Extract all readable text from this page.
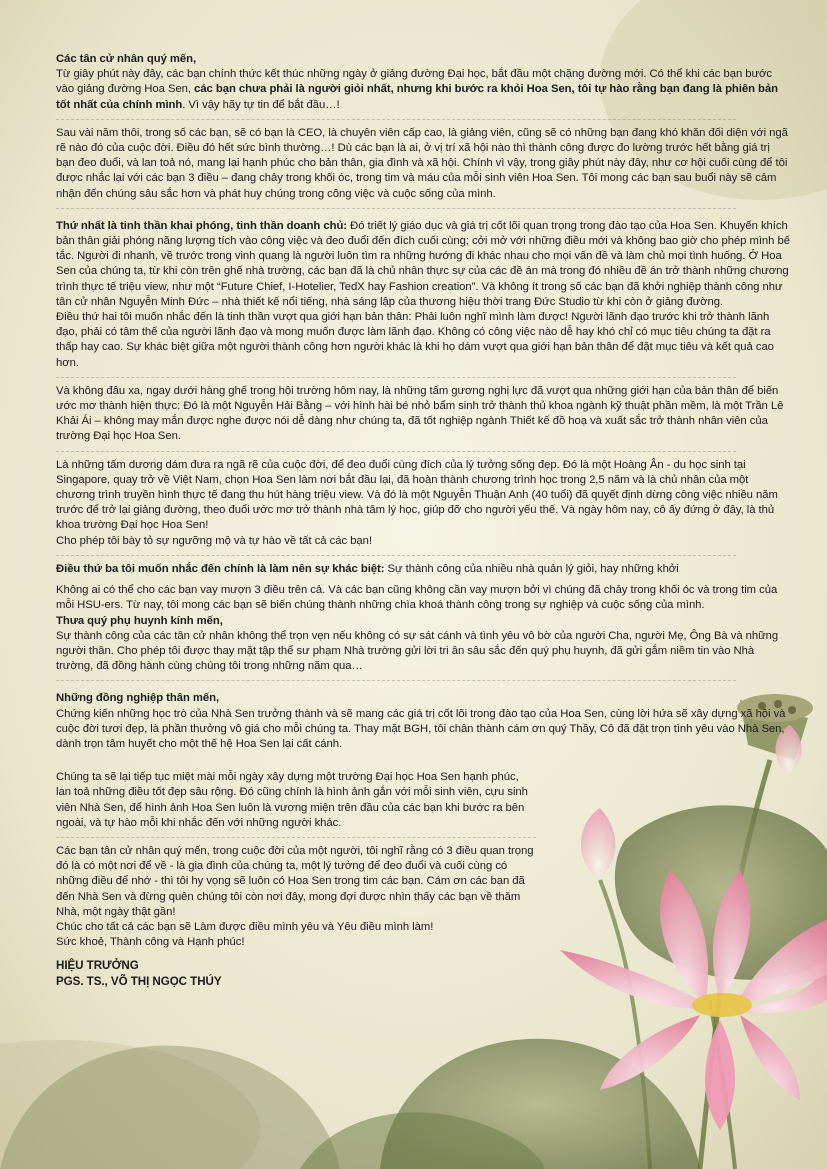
Các tân cử nhân quý mến,
Từ giây phút này đây, các bạn chính thức kết thúc những ngày ở giảng đường Đại học, bắt đầu một chặng đường mới. Có thể khi các bạn bước vào giảng đường Hoa Sen, các bạn chưa phải là người giỏi nhất, nhưng khi bước ra khỏi Hoa Sen, tôi tự hào rằng bạn đang là phiên bản tốt nhất của chính mình. Vì vậy hãy tự tin để bắt đầu…!

Sau vài năm thôi, trong số các bạn, sẽ có bạn là CEO, là chuyên viên cấp cao, là giảng viên, cũng sẽ có những bạn đang khó khăn đối diện với ngã rẽ nào đó của cuộc đời. Điều đó hết sức bình thường…! Dù các bạn là ai, ở vị trí xã hội nào thì thành công được đo lường trước hết bằng giá trị bạn đeo đuổi, và lan toả nó, mang lại hạnh phúc cho bản thân, gia đình và xã hội. Chính vì vậy, trong giây phút này đây, như cơ hội cuối cùng để tôi được nhắc lại với các bạn 3 điều – đang chảy trong khối óc, trong tim và máu của mỗi sinh viên Hoa Sen. Tôi mong các bạn sau buổi này sẽ cảm nhận đến chúng sâu sắc hơn và phát huy chúng trong công việc và cuộc sống của mình.

Thứ nhất là tinh thần khai phóng, tinh thần doanh chủ: Đó triết lý giáo dục và giá trị cốt lõi quan trọng trong đào tạo của Hoa Sen. Khuyến khích bản thân giải phóng năng lượng tích vào công việc và đeo đuổi đến đích cuối cùng; cởi mở với những điều mới và không bao giờ cho phép mình bế tắc. Người đi nhanh, về trước trong vinh quang là người luôn tìm ra những hướng đi khác nhau cho mọi vấn đề và làm chủ mọi tình huống. Ở Hoa Sen của chúng ta, từ khi còn trên ghế nhà trường, các bạn đã là chủ nhân thực sự của các đề án mà trong đó nhiều đề án trở thành những chương trình thực tế triệu view, như một “Future Chief, I-Hotelier, TedX hay Fashion creation”. Và không ít trong số các bạn đã khởi nghiệp thành công như tân cử nhân Nguyễn Minh Đức – nhà thiết kế nổi tiếng, nhà sáng lập của thương hiệu thời trang Đức Studio từ khi còn ở giảng đường.
Điều thứ hai tôi muốn nhắc đến là tinh thần vượt qua giới hạn bản thân: Phải luôn nghĩ mình làm được! Người lãnh đạo trước khi trở thành lãnh đạo, phải có tâm thế của người lãnh đạo và mong muốn được làm lãnh đạo. Không có công việc nào dễ hay khó chỉ có mục tiêu chúng ta đặt ra thấp hay cao. Sự khác biệt giữa một người thành công hơn người khác là khi họ dám vượt qua giới hạn bản thân để đặt mục tiêu và kết quả cao hơn.

Và không đâu xa, ngay dưới hàng ghế trong hội trường hôm nay, là những tấm gương nghị lực đã vượt qua những giới hạn của bản thân để biến ước mơ thành hiện thực: Đó là một Nguyễn Hải Bằng – với hình hài bé nhỏ bẩm sinh trở thành thủ khoa ngành kỹ thuật phần mềm, là một Trần Lê Khải Ái – không may mắn được nghe được nói dễ dàng như chúng ta, đã tốt nghiệp ngành Thiết kế đồ hoạ và xuất sắc trở thành nhân viên của trường Đại học Hoa Sen.

Là những tấm dương dám đưa ra ngã rẽ của cuộc đời, để đeo đuổi cùng đích của lý tưởng sống đẹp. Đó là một Hoàng Ân - du học sinh tại Singapore, quay trở về Việt Nam, chọn Hoa Sen làm nơi bắt đầu lại, đã hoàn thành chương trình học trong 2,5 năm và là chủ nhân của một chương trình truyền hình thực tế đang thu hút hàng triệu view. Và đó là một Nguyễn Thuận Anh (40 tuổi) đã quyết định dừng công việc nhiều năm trước để trở lại giảng đường, theo đuổi ước mơ trở thành nhà tâm lý học, giúp đỡ cho người yếu thế. Và ngày hôm nay, cô ấy đứng ở đây, là thủ khoa trường Đại học Hoa Sen!
Cho phép tôi bày tỏ sự ngưỡng mộ và tự hào về tất cả các bạn!

Điều thứ ba tôi muốn nhắc đến chính là làm nên sự khác biệt: Sự thành công của nhiều nhà quản lý giỏi, hay những khởi

Không ai có thể cho các bạn vay mượn 3 điều trên cả. Và các bạn cũng không cần vay mượn bởi vì chúng đã chảy trong khối óc và trong tim của mỗi HSU-ers. Từ nay, tôi mong các bạn sẽ biến chúng thành những chìa khoá thành công trong sự nghiệp và cuộc sống của mình.
Thưa quý phụ huynh kính mến,
Sự thành công của các tân cử nhân không thể trọn vẹn nếu không có sự sát cánh và tình yêu vô bờ của người Cha, người Mẹ, Ông Bà và những người thân. Cho phép tôi được thay mặt tập thể sư phạm Nhà trường gửi lời tri ân sâu sắc đến quý phụ huynh, đã gửi gắm niềm tin vào Nhà trường, đã đồng hành cùng chúng tôi trong những năm qua…

Những đồng nghiệp thân mến,
Chứng kiến những học trò của Nhà Sen trưởng thành và sẽ mang các giá trị cốt lõi trong đào tạo của Hoa Sen, cùng lời hứa sẽ xây dựng xã hội và cuộc đời tươi đẹp, là phần thưởng vô giá cho mỗi chúng ta. Thay mặt BGH, tôi chân thành cám ơn quý Thầy, Cô đã đặt trọn tình yêu vào Nhà Sen, dành trọn tâm huyết cho một thế hệ Hoa Sen lại cất cánh.

Chúng ta sẽ lại tiếp tục miệt mài mỗi ngày xây dựng một trường Đại học Hoa Sen hạnh phúc, lan toả những điều tốt đẹp sâu rộng. Đó cũng chính là hình ảnh gắn với mỗi sinh viên, cựu sinh viên Nhà Sen, để hình ảnh Hoa Sen luôn là vương miện trên đầu của các bạn khi bước ra bên ngoài, và tự hào mỗi khi nhắc đến với những người khác.

Các bạn tân cử nhân quý mến, trong cuộc đời của một người, tôi nghĩ rằng có 3 điều quan trọng đó là có một nơi để về - là gia đình của chúng ta, một lý tưởng để đeo đuổi và cuối cùng có những điều để nhớ - thì tôi hy vọng sẽ luôn có Hoa Sen trong tim các bạn. Cám ơn các bạn đã đến Nhà Sen và đừng quên chúng tôi còn nơi đây, mong đợi được nhìn thấy các bạn về thăm Nhà, một ngày thật gần!
Chúc cho tất cả các bạn sẽ Làm được điều mình yêu và Yêu điều mình làm!
Sức khoẻ, Thành công và Hạnh phúc!

HIỆU TRƯỞNG
PGS. TS., VÕ THỊ NGỌC THÚY
